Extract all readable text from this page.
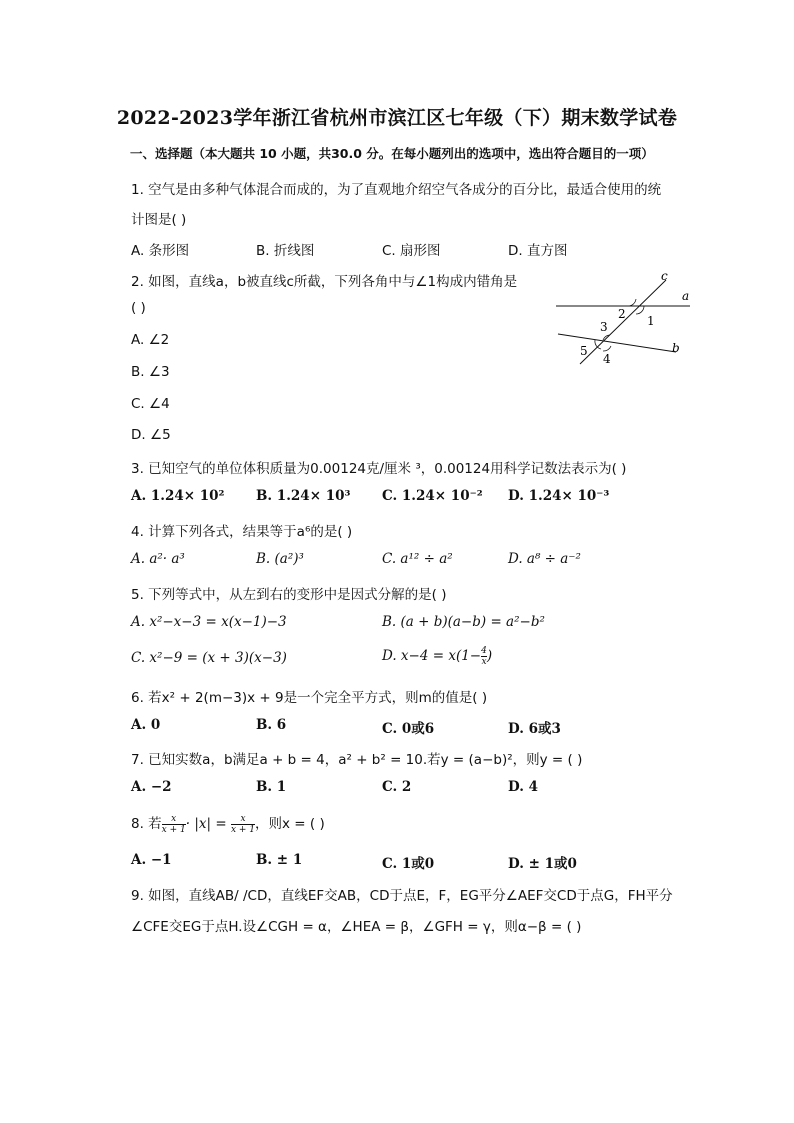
2022-2023学年浙江省杭州市滨江区七年级（下）期末数学试卷
一、选择题（本大题共 10 小题，共30.0 分。在每小题列出的选项中，选出符合题目的一项）
1. 空气是由多种气体混合而成的，为了直观地介绍空气各成分的百分比，最适合使用的统
计图是( )
A. 条形图	B. 折线图	C. 扇形图	D. 直方图
2. 如图，直线a，b被直线c所截，下列各角中与∠1构成内错角是
( )
A. ∠2
B. ∠3
C. ∠4
D. ∠5
c
a
2 1
3
5
4
b
3. 已知空气的单位体积质量为0.00124克/厘米 ³，0.00124用科学记数法表示为( )
A. 1.24× 10² B. 1.24× 10³ C. 1.24× 10⁻² D. 1.24× 10⁻³
4. 计算下列各式，结果等于a⁶的是( )
A. a²· a³	B. (a²)³	C. a¹² ÷ a²	D. a⁸ ÷ a⁻²
5. 下列等式中，从左到右的变形中是因式分解的是( )
A. x²−x−3 = x(x−1)−3	B. (a + b)(a−b) = a²−b²
C. x²−9 = (x + 3)(x−3)	D. $x-4 = x(1- \frac{4}{x}$ )
6. 若x² + 2(m−3)x + 9是一个完全平方式，则m的值是( )
A. 0	B. 6	C. 0或6	D. 6或3
7. 已知实数a，b满足a + b = 4，a² + b² = 10.若y = (a−b)²，则y = ( )
A. −2	B. 1	C. 2	D. 4
8. 若 $\frac{x}{x + 1} \cdot |x| = \frac{x}{x + 1}$ ，则x = ( )
A. −1	B. ± 1	C. 1或0	D. ± 1或0
9. 如图，直线AB/ /CD，直线EF交AB，CD于点E，F，EG平分∠AEF交CD于点G，FH平分
∠CFE交EG于点H.设∠CGH = α，∠HEA = β，∠GFH = γ，则α−β = ( )
